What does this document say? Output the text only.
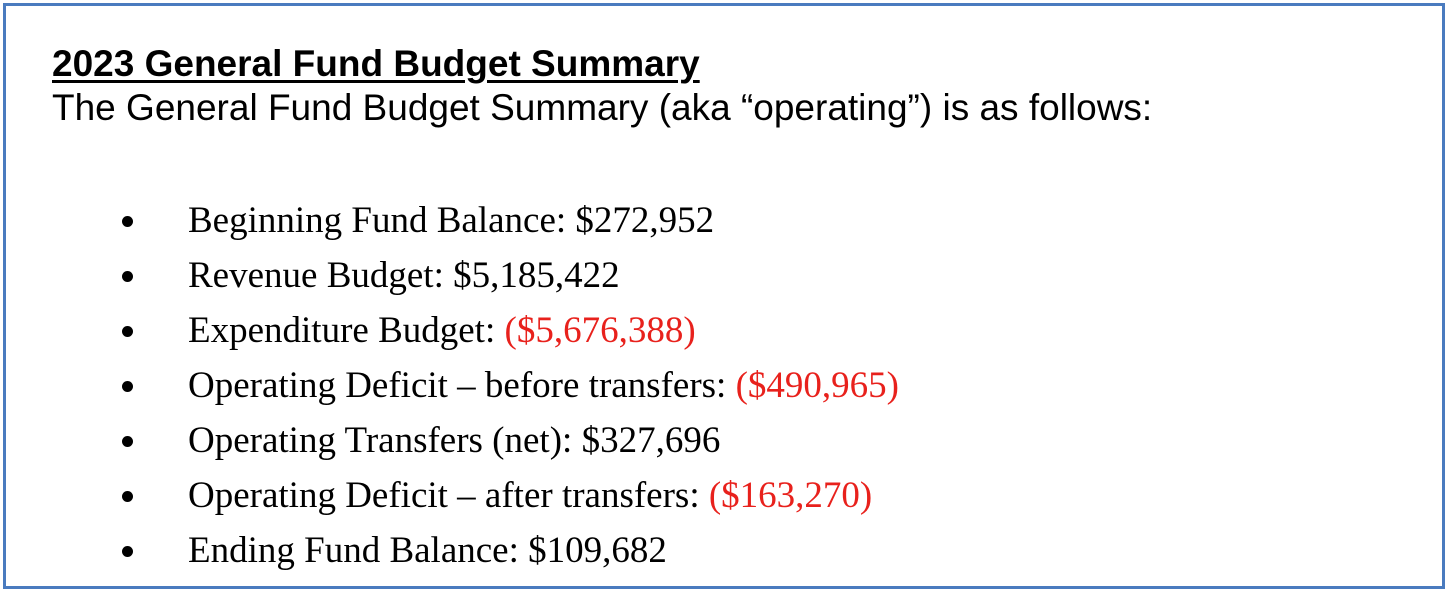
2023 General Fund Budget Summary
The General Fund Budget Summary (aka “operating”) is as follows:
Beginning Fund Balance: $272,952
Revenue Budget: $5,185,422
Expenditure Budget: ($5,676,388)
Operating Deficit – before transfers: ($490,965)
Operating Transfers (net): $327,696
Operating Deficit – after transfers: ($163,270)
Ending Fund Balance: $109,682
